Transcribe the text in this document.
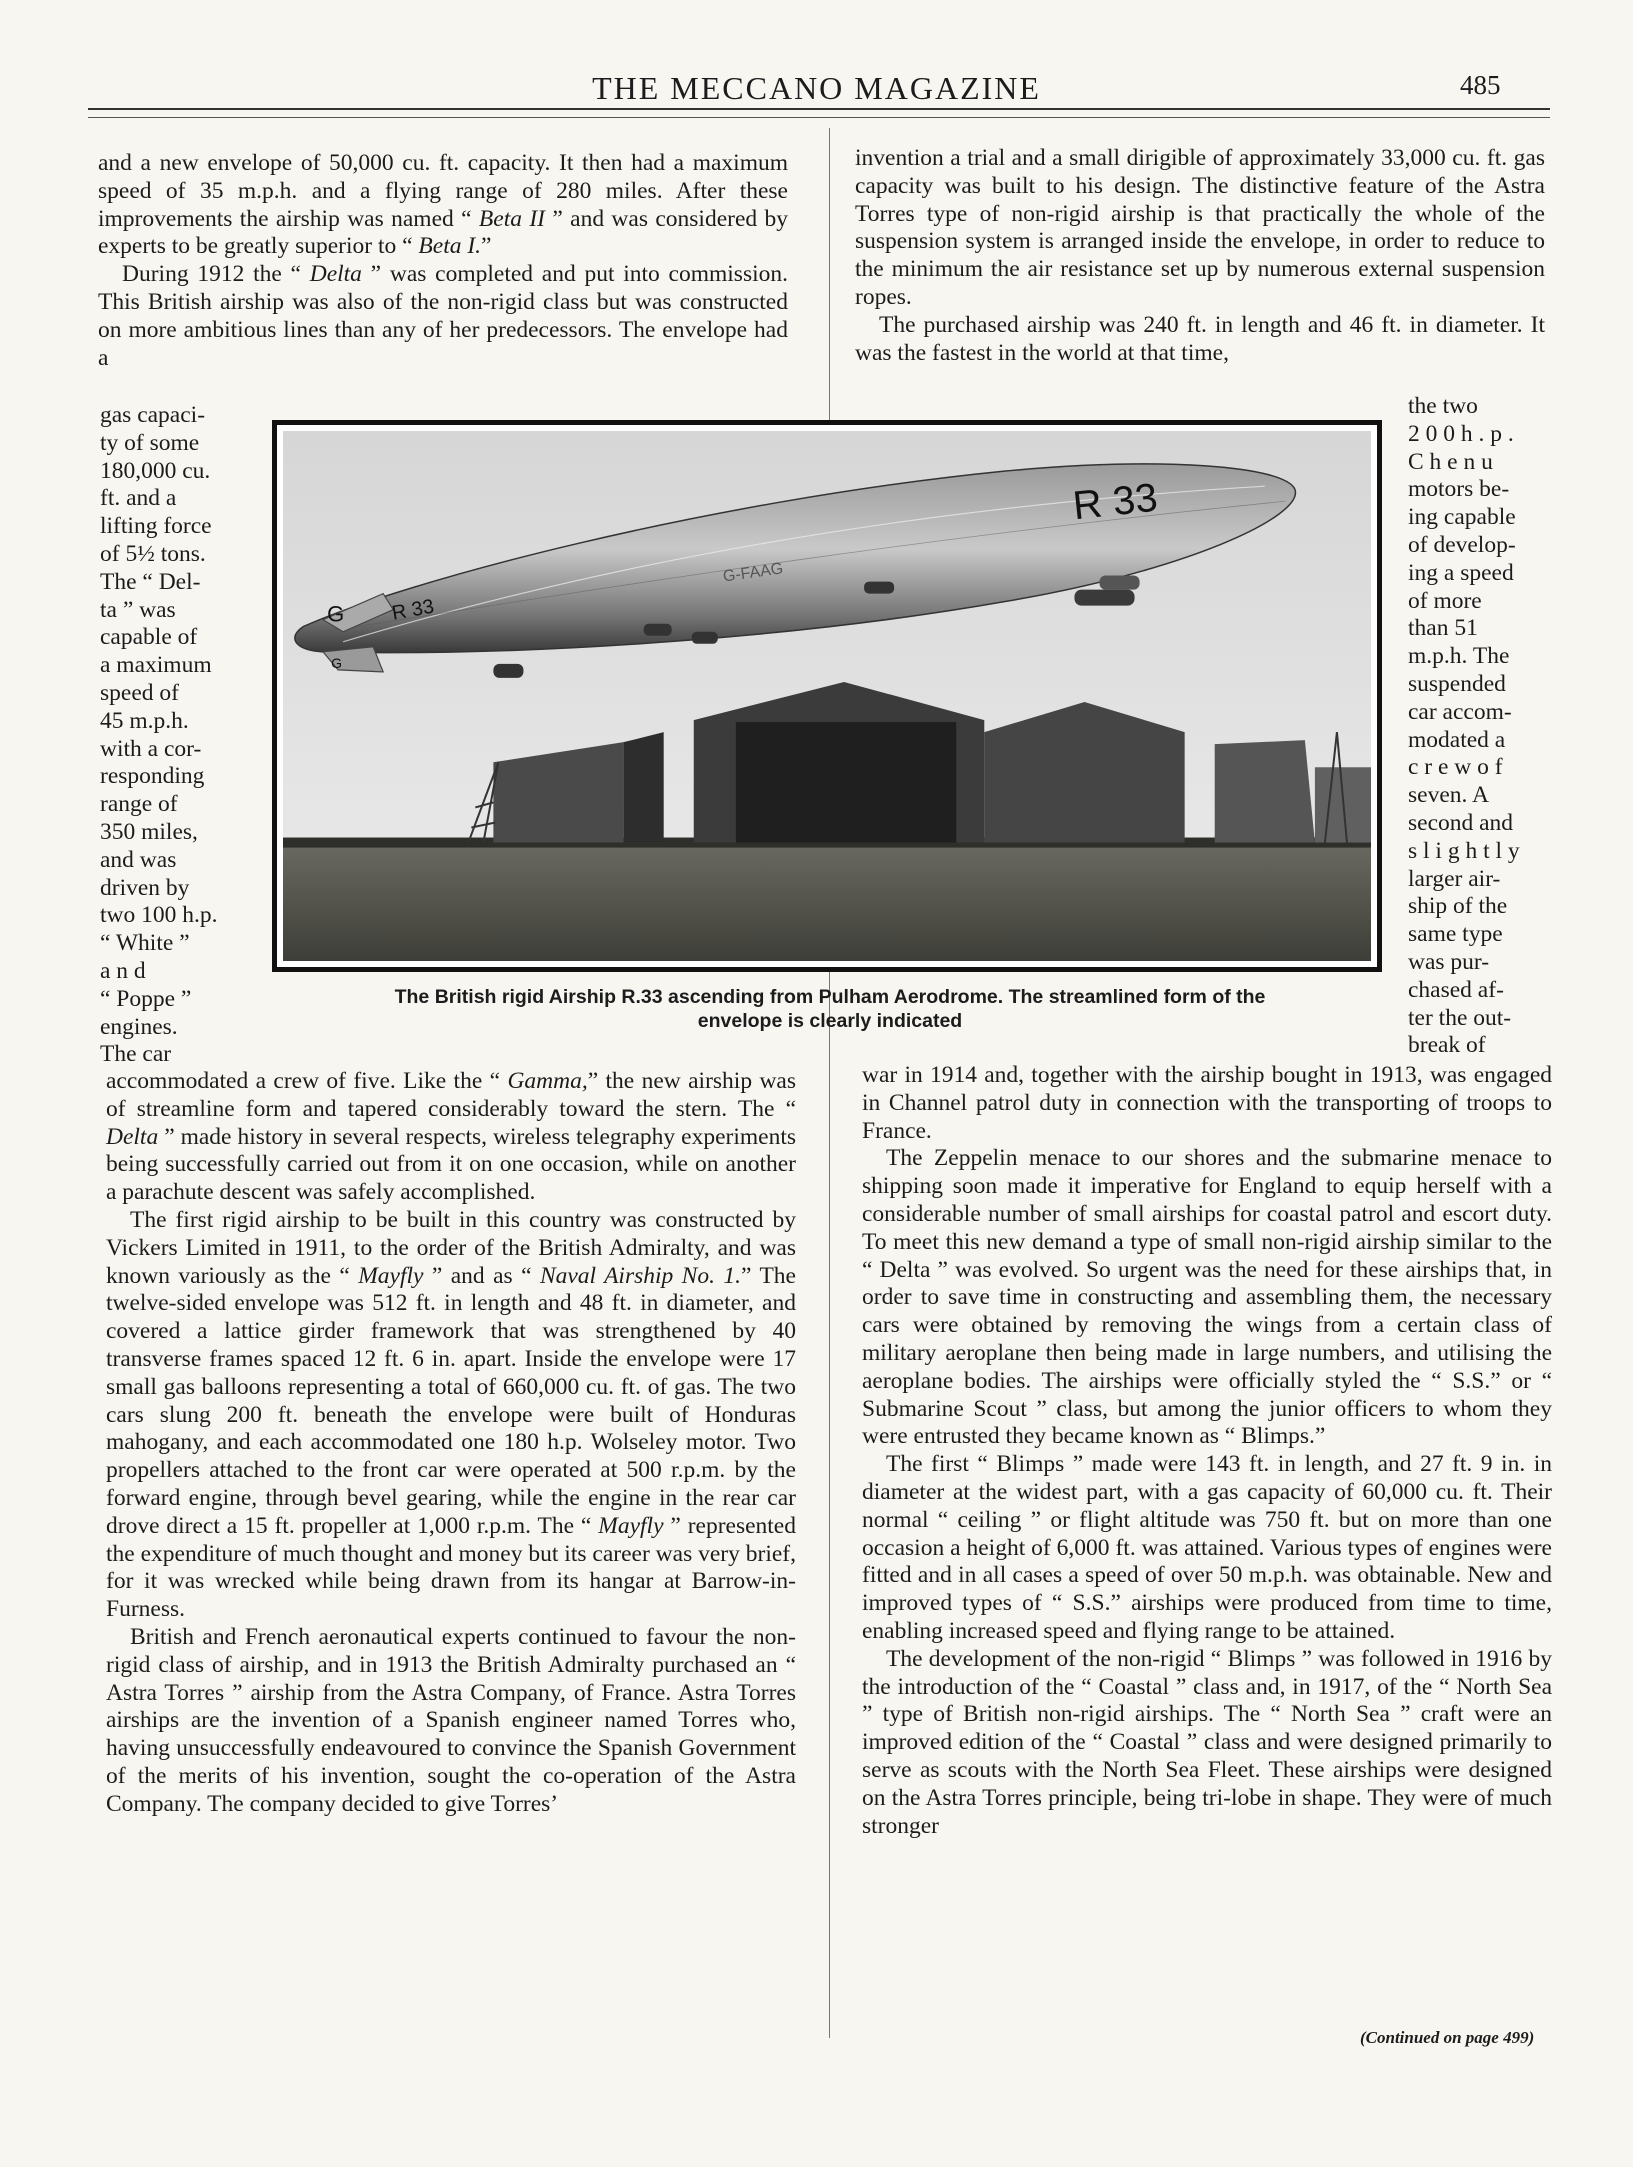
THE MECCANO MAGAZINE	485

and a new envelope of 50,000 cu. ft. capacity. It then had a maximum speed of 35 m.p.h. and a flying range of 280 miles. After these improvements the airship was named “ Beta II ” and was considered by experts to be greatly superior to “ Beta I.”

During 1912 the “ Delta ” was completed and put into commission. This British airship was also of the non-rigid class but was constructed on more ambitious lines than any of her predecessors. The envelope had a

gas capaci-
ty of some
180,000 cu.
ft. and a
lifting force
of 5½ tons.
The “ Del-
ta ” was
capable of
a maximum
speed of
45 m.p.h.
with a cor-
responding
range of
350 miles,
and was
driven by
two 100 h.p.
“ White ”
a n d
“ Poppe ”
engines.
The car

accommodated a crew of five. Like the “ Gamma,” the new airship was of streamline form and tapered considerably toward the stern. The “ Delta ” made history in several respects, wireless telegraphy experiments being successfully carried out from it on one occasion, while on another a parachute descent was safely accomplished.

The first rigid airship to be built in this country was constructed by Vickers Limited in 1911, to the order of the British Admiralty, and was known variously as the “ Mayfly ” and as “ Naval Airship No. 1.” The twelve-sided envelope was 512 ft. in length and 48 ft. in diameter, and covered a lattice girder framework that was strengthened by 40 transverse frames spaced 12 ft. 6 in. apart. Inside the envelope were 17 small gas balloons representing a total of 660,000 cu. ft. of gas. The two cars slung 200 ft. beneath the envelope were built of Honduras mahogany, and each accommodated one 180 h.p. Wolseley motor. Two propellers attached to the front car were operated at 500 r.p.m. by the forward engine, through bevel gearing, while the engine in the rear car drove direct a 15 ft. propeller at 1,000 r.p.m. The “ Mayfly ” represented the expenditure of much thought and money but its career was very brief, for it was wrecked while being drawn from its hangar at Barrow-in-Furness.

British and French aeronautical experts continued to favour the non-rigid class of airship, and in 1913 the British Admiralty purchased an “ Astra Torres ” airship from the Astra Company, of France. Astra Torres airships are the invention of a Spanish engineer named Torres who, having unsuccessfully endeavoured to convince the Spanish Government of the merits of his invention, sought the co-operation of the Astra Company. The company decided to give Torres’

invention a trial and a small dirigible of approximately 33,000 cu. ft. gas capacity was built to his design. The distinctive feature of the Astra Torres type of non-rigid airship is that practically the whole of the suspension system is arranged inside the envelope, in order to reduce to the minimum the air resistance set up by numerous external suspension ropes.

The purchased airship was 240 ft. in length and 46 ft. in diameter. It was the fastest in the world at that time,

the two
2 0 0 h . p .
C h e n u
motors be-
ing capable
of develop-
ing a speed
of more
than 51
m.p.h. The
suspended
car accom-
modated a
c r e w o f
seven. A
second and
s l i g h t l y
larger air-
ship of the
same type
was pur-
chased af-
ter the out-
break of

war in 1914 and, together with the airship bought in 1913, was engaged in Channel patrol duty in connection with the transporting of troops to France.

The Zeppelin menace to our shores and the submarine menace to shipping soon made it imperative for England to equip herself with a considerable number of small airships for coastal patrol and escort duty. To meet this new demand a type of small non-rigid airship similar to the “ Delta ” was evolved. So urgent was the need for these airships that, in order to save time in constructing and assembling them, the necessary cars were obtained by removing the wings from a certain class of military aeroplane then being made in large numbers, and utilising the aeroplane bodies. The airships were officially styled the “ S.S.” or “ Submarine Scout ” class, but among the junior officers to whom they were entrusted they became known as “ Blimps.”

The first “ Blimps ” made were 143 ft. in length, and 27 ft. 9 in. in diameter at the widest part, with a gas capacity of 60,000 cu. ft. Their normal “ ceiling ” or flight altitude was 750 ft. but on more than one occasion a height of 6,000 ft. was attained. Various types of engines were fitted and in all cases a speed of over 50 m.p.h. was obtainable. New and improved types of “ S.S.” airships were produced from time to time, enabling increased speed and flying range to be attained.

The development of the non-rigid “ Blimps ” was followed in 1916 by the introduction of the “ Coastal ” class and, in 1917, of the “ North Sea ” type of British non-rigid airships. The “ North Sea ” craft were an improved edition of the “ Coastal ” class and were designed primarily to serve as scouts with the North Sea Fleet. These airships were designed on the Astra Torres principle, being tri-lobe in shape. They were of much stronger

(Continued on page 499)
R 33
R 33
G-FAAG
G
G
The British rigid Airship R.33 ascending from Pulham Aerodrome. The streamlined form of the
envelope is clearly indicated
